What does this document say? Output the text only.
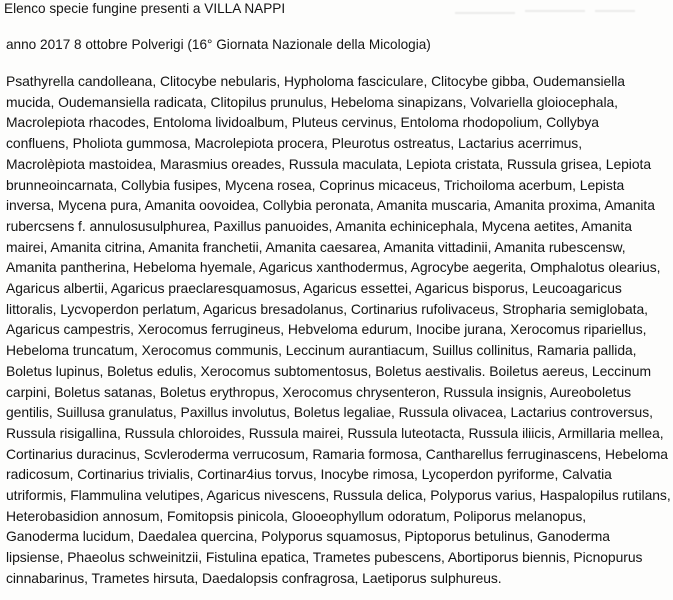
Elenco specie fungine presenti a VILLA NAPPI
anno 2017 8 ottobre Polverigi (16° Giornata Nazionale della Micologia)

Psathyrella candolleana, Clitocybe nebularis, Hypholoma fasciculare, Clitocybe gibba, Oudemansiella
mucida, Oudemansiella radicata, Clitopilus prunulus, Hebeloma sinapizans, Volvariella gloiocephala,
Macrolepiota rhacodes, Entoloma lividoalbum, Pluteus cervinus, Entoloma rhodopolium, Collybya
confluens, Pholiota gummosa, Macrolepiota procera, Pleurotus ostreatus, Lactarius acerrimus,
Macrolèpiota mastoidea, Marasmius oreades, Russula maculata, Lepiota cristata, Russula grisea, Lepiota
brunneoincarnata, Collybia fusipes, Mycena rosea, Coprinus micaceus, Trichoiloma acerbum, Lepista
inversa, Mycena pura, Amanita oovoidea, Collybia peronata, Amanita muscaria, Amanita proxima, Amanita
rubercsens f. annulosusulphurea, Paxillus panuoides, Amanita echinicephala, Mycena aetites, Amanita
mairei, Amanita citrina, Amanita franchetii, Amanita caesarea, Amanita vittadinii, Amanita rubescensw,
Amanita pantherina, Hebeloma hyemale, Agaricus xanthodermus, Agrocybe aegerita, Omphalotus olearius,
Agaricus albertii, Agaricus praeclaresquamosus, Agaricus essettei, Agaricus bisporus, Leucoagaricus
littoralis, Lycvoperdon perlatum, Agaricus bresadolanus, Cortinarius rufolivaceus, Stropharia semiglobata,
Agaricus campestris, Xerocomus ferrugineus, Hebveloma edurum, Inocibe jurana, Xerocomus ripariellus,
Hebeloma truncatum, Xerocomus communis, Leccinum aurantiacum, Suillus collinitus, Ramaria pallida,
Boletus lupinus, Boletus edulis, Xerocomus subtomentosus, Boletus aestivalis. Boiletus aereus, Leccinum
carpini, Boletus satanas, Boletus erythropus, Xerocomus chrysenteron, Russula insignis, Aureoboletus
gentilis, Suillusa granulatus, Paxillus involutus, Boletus legaliae, Russula olivacea, Lactarius controversus,
Russula risigallina, Russula chloroides, Russula mairei, Russula luteotacta, Russula iliicis, Armillaria mellea,
Cortinarius duracinus, Scvleroderma verrucosum, Ramaria formosa, Cantharellus ferruginascens, Hebeloma
radicosum, Cortinarius trivialis, Cortinar4ius torvus, Inocybe rimosa, Lycoperdon pyriforme, Calvatia
utriformis, Flammulina velutipes, Agaricus nivescens, Russula delica, Polyporus varius, Haspalopilus rutilans,
Heterobasidion annosum, Fomitopsis pinicola, Glooeophyllum odoratum, Poliporus melanopus,
Ganoderma lucidum, Daedalea quercina, Polyporus squamosus, Piptoporus betulinus, Ganoderma
lipsiense, Phaeolus schweinitzii, Fistulina epatica, Trametes pubescens, Abortiporus biennis, Picnopurus
cinnabarinus, Trametes hirsuta, Daedalopsis confragrosa, Laetiporus sulphureus.
